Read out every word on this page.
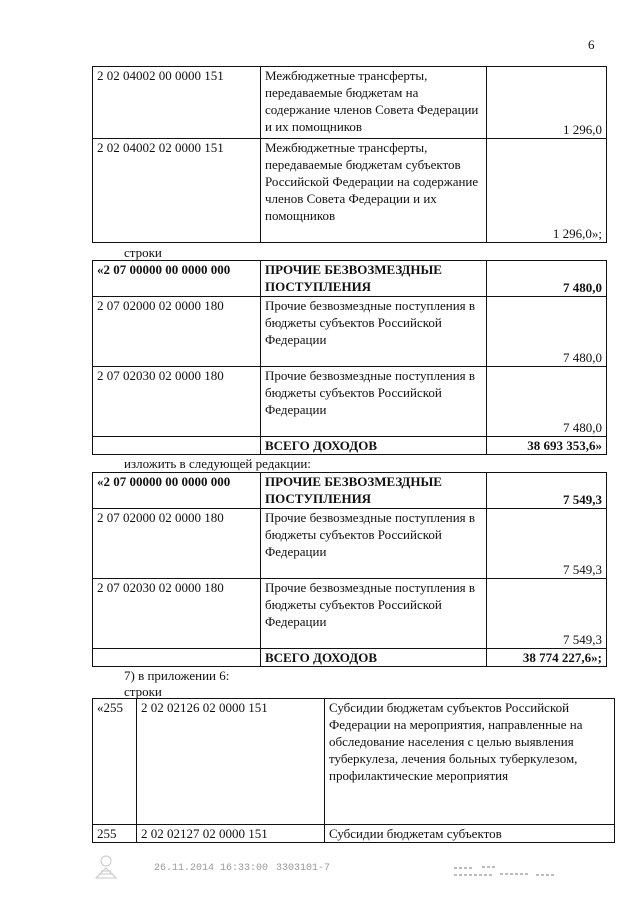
6
2 02 04002 00 0000 151	Межбюджетные трансферты, передаваемые бюджетам на содержание членов Совета Федерации и их помощников	1 296,0
2 02 04002 02 0000 151	Межбюджетные трансферты, передаваемые бюджетам субъектов Российской Федерации на содержание членов Совета Федерации и их помощников	1 296,0»;
строки
«2 07 00000 00 0000 000	ПРОЧИЕ БЕЗВОЗМЕЗДНЫЕ ПОСТУПЛЕНИЯ	7 480,0
2 07 02000 02 0000 180	Прочие безвозмездные поступления в бюджеты субъектов Российской Федерации	7 480,0
2 07 02030 02 0000 180	Прочие безвозмездные поступления в бюджеты субъектов Российской Федерации	7 480,0
	ВСЕГО ДОХОДОВ	38 693 353,6»
изложить в следующей редакции:
«2 07 00000 00 0000 000	ПРОЧИЕ БЕЗВОЗМЕЗДНЫЕ ПОСТУПЛЕНИЯ	7 549,3
2 07 02000 02 0000 180	Прочие безвозмездные поступления в бюджеты субъектов Российской Федерации	7 549,3
2 07 02030 02 0000 180	Прочие безвозмездные поступления в бюджеты субъектов Российской Федерации	7 549,3
	ВСЕГО ДОХОДОВ	38 774 227,6»;
7) в приложении 6:
строки
«255	2 02 02126 02 0000 151	Субсидии бюджетам субъектов Российской Федерации на мероприятия, направленные на обследование населения с целью выявления туберкулеза, лечения больных туберкулезом, профилактические мероприятия
255	2 02 02127 02 0000 151	Субсидии бюджетам субъектов
26.11.2014 16:33:00 3303101-7
